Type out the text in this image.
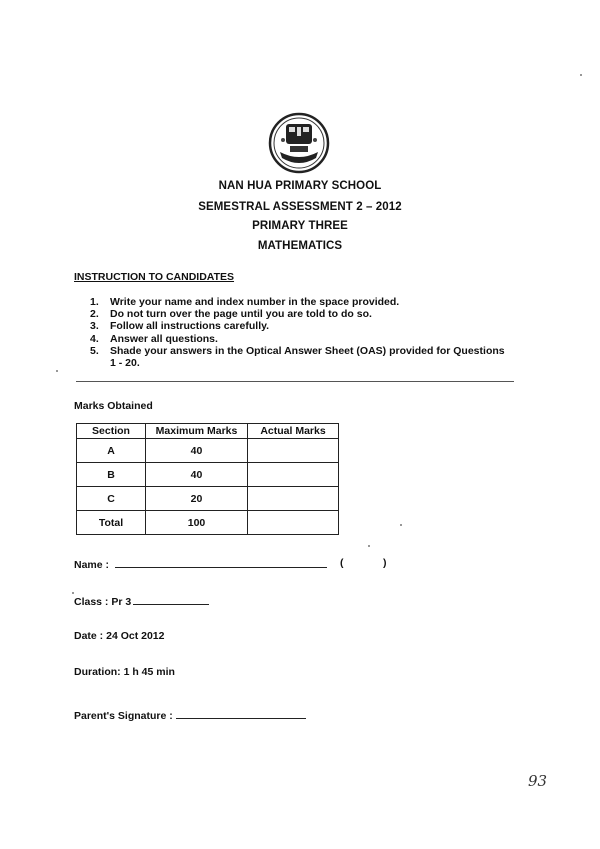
NAN HUA PRIMARY SCHOOL
SEMESTRAL ASSESSMENT 2 – 2012
PRIMARY THREE
MATHEMATICS
INSTRUCTION TO CANDIDATES
1.	Write your name and index number in the space provided.
2.	Do not turn over the page until you are told to do so.
3.	Follow all instructions carefully.
4.	Answer all questions.
5.	Shade your answers in the Optical Answer Sheet (OAS) provided for Questions 1 - 20.
Marks Obtained
Section	Maximum Marks	Actual Marks
A	40	
B	40	
C	20	
Total	100	
Name :	(	)
Class : Pr 3
Date : 24 Oct 2012
Duration: 1 h 45 min
Parent's Signature :
93
